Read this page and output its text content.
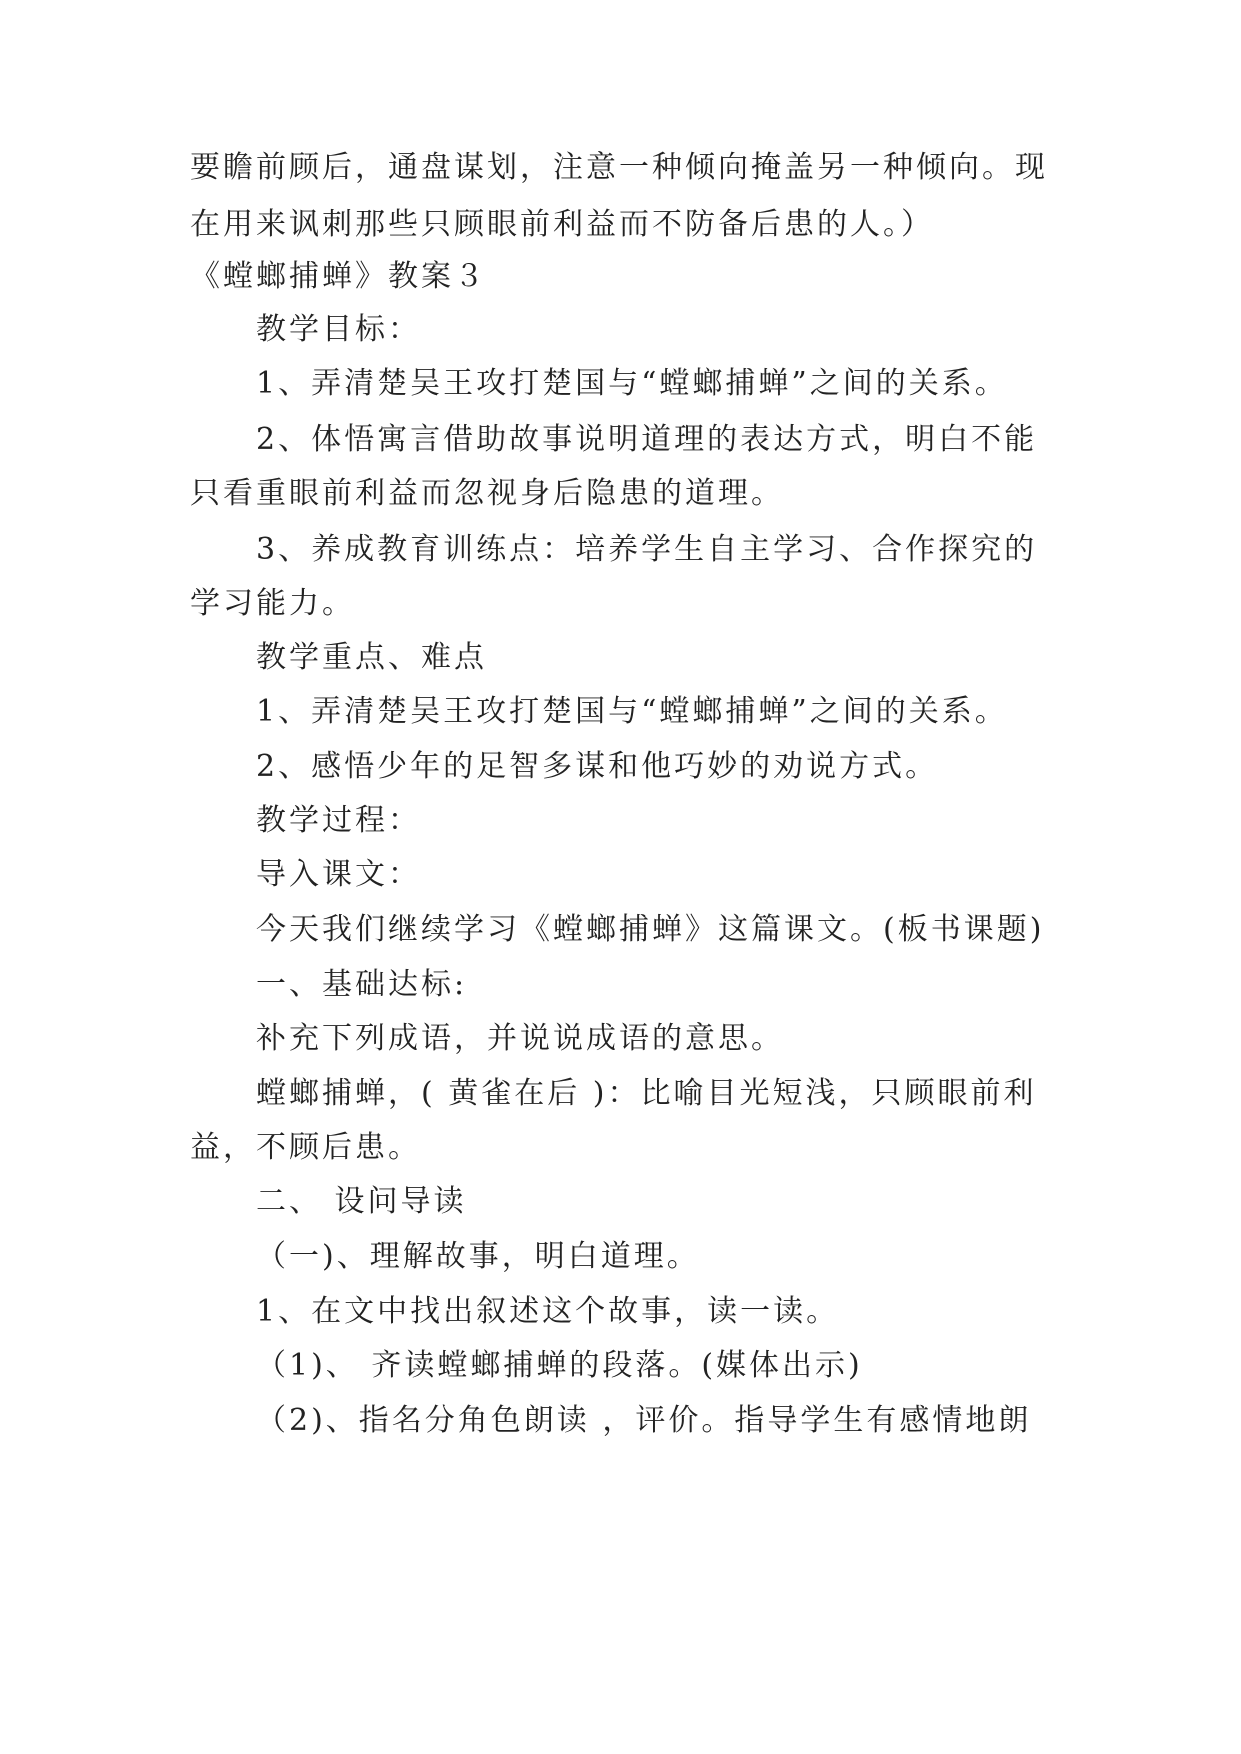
要瞻前顾后，通盘谋划，注意一种倾向掩盖另一种倾向。现
在用来讽刺那些只顾眼前利益而不防备后患的人。）
《螳螂捕蝉》教案３
教学目标：
1、弄清楚吴王攻打楚国与“螳螂捕蝉”之间的关系。
2、体悟寓言借助故事说明道理的表达方式，明白不能
只看重眼前利益而忽视身后隐患的道理。
3、养成教育训练点：培养学生自主学习、合作探究的
学习能力。
教学重点、难点
1、弄清楚吴王攻打楚国与“螳螂捕蝉”之间的关系。
2、感悟少年的足智多谋和他巧妙的劝说方式。
教学过程：
导入课文：
今天我们继续学习《螳螂捕蝉》这篇课文。(板书课题)
一、基础达标:
补充下列成语，并说说成语的意思。
螳螂捕蝉，( 黄雀在后 )：比喻目光短浅，只顾眼前利
益，不顾后患。
二、 设问导读
（一)、理解故事，明白道理。
1、在文中找出叙述这个故事，读一读。
（1)、 齐读螳螂捕蝉的段落。(媒体出示)
（2)、指名分角色朗读 ，评价。指导学生有感情地朗
